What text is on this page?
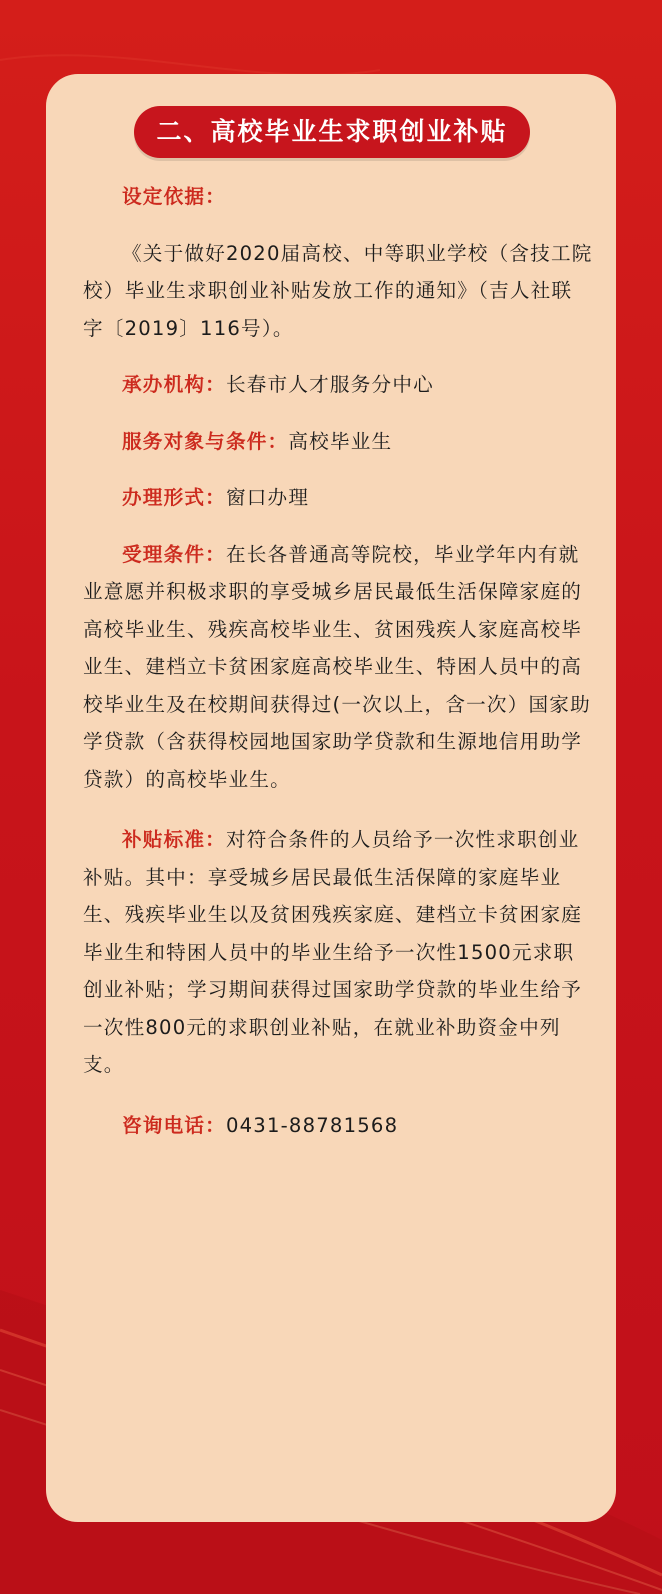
二、高校毕业生求职创业补贴

设定依据：

《关于做好2020届高校、中等职业学校（含技工院校）毕业生求职创业补贴发放工作的通知》（吉人社联字〔2019〕116号）。

承办机构：长春市人才服务分中心

服务对象与条件：高校毕业生

办理形式：窗口办理

受理条件：在长各普通高等院校，毕业学年内有就业意愿并积极求职的享受城乡居民最低生活保障家庭的高校毕业生、残疾高校毕业生、贫困残疾人家庭高校毕业生、建档立卡贫困家庭高校毕业生、特困人员中的高校毕业生及在校期间获得过(一次以上，含一次）国家助学贷款（含获得校园地国家助学贷款和生源地信用助学贷款）的高校毕业生。

补贴标准：对符合条件的人员给予一次性求职创业补贴。其中：享受城乡居民最低生活保障的家庭毕业生、残疾毕业生以及贫困残疾家庭、建档立卡贫困家庭毕业生和特困人员中的毕业生给予一次性1500元求职创业补贴；学习期间获得过国家助学贷款的毕业生给予一次性800元的求职创业补贴，在就业补助资金中列支。

咨询电话：0431-88781568
